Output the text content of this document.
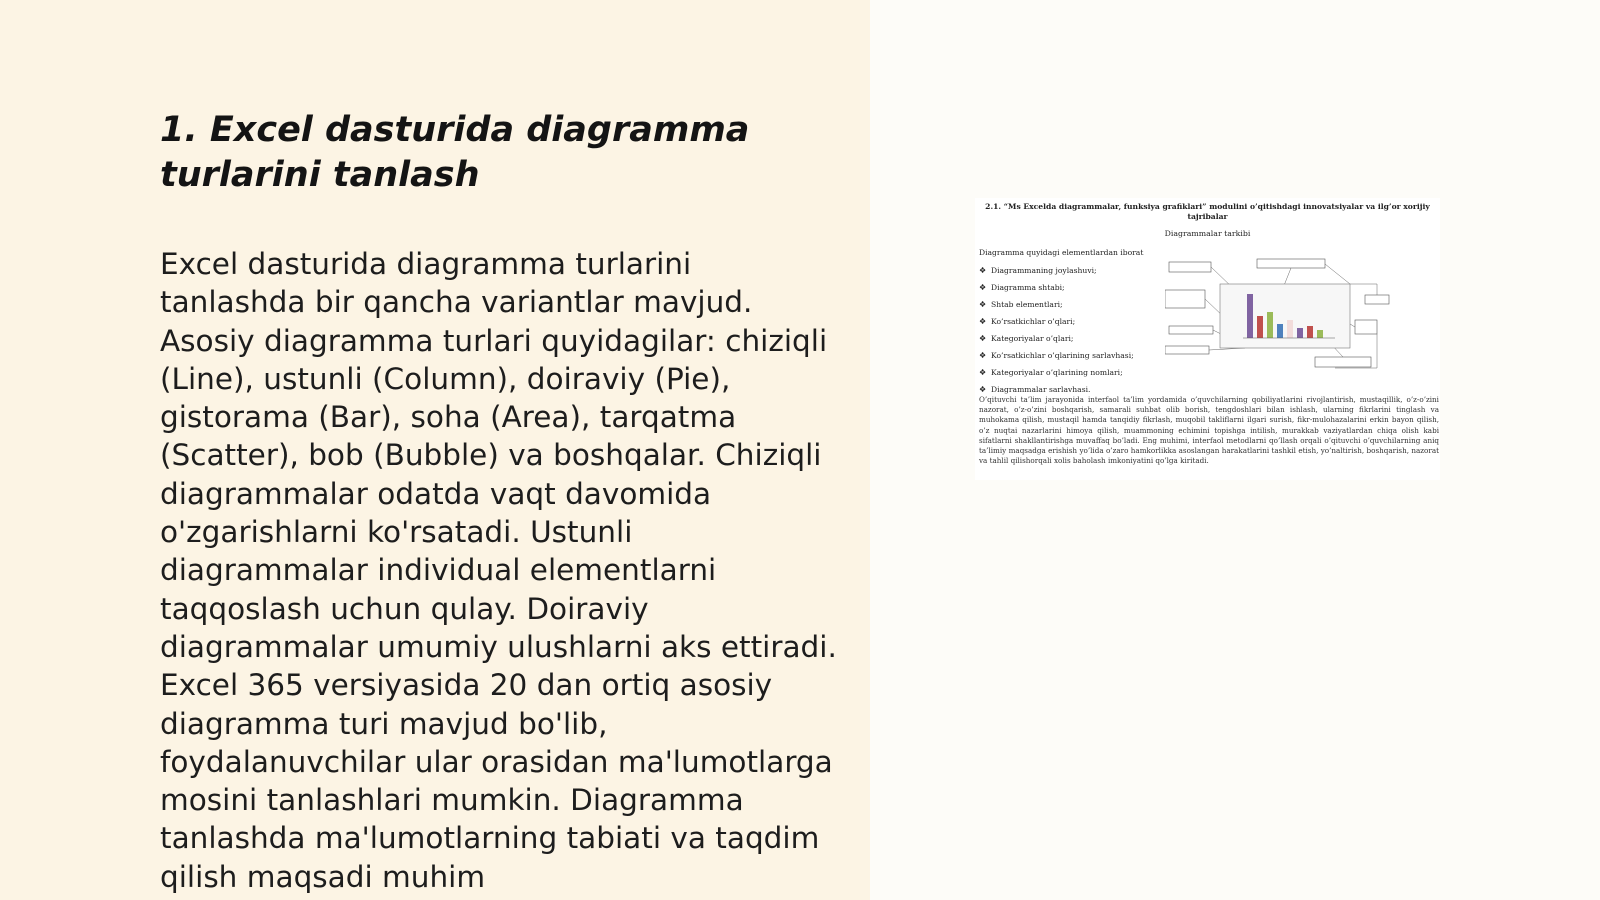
1. Excel dasturida diagramma turlarini tanlash

Excel dasturida diagramma turlarini tanlashda bir qancha variantlar mavjud. Asosiy diagramma turlari quyidagilar: chiziqli (Line), ustunli (Column), doiraviy (Pie), gistorama (Bar), soha (Area), tarqatma (Scatter), bob (Bubble) va boshqalar. Chiziqli diagrammalar odatda vaqt davomida o'zgarishlarni ko'rsatadi. Ustunli diagrammalar individual elementlarni taqqoslash uchun qulay. Doiraviy diagrammalar umumiy ulushlarni aks ettiradi. Excel 365 versiyasida 20 dan ortiq asosiy diagramma turi mavjud bo'lib, foydalanuvchilar ular orasidan ma'lumotlarga mosini tanlashlari mumkin. Diagramma tanlashda ma'lumotlarning tabiati va taqdim qilish maqsadi muhim

2.1. “Ms Excelda diagrammalar, funksiya grafiklari” modulini o’qitishdagi innovatsiyalar va ilg’or xorijiy tajribalar
Diagrammalar tarkibi
Diagramma quyidagi elementlardan iborat
❖ Diagrammaning joylashuvi;
❖ Diagramma shtabi;
❖ Shtab elementlari;
❖ Ko’rsatkichlar o’qlari;
❖ Kategoriyalar o’qlari;
❖ Ko’rsatkichlar o’qlarining sarlavhasi;
❖ Kategoriyalar o’qlarining nomlari;
❖ Diagrammalar sarlavhasi.

O’qituvchi ta’lim jarayonida interfaol ta’lim yordamida o’quvchilarning qobiliyatlarini rivojlantirish, mustaqillik, o’z-o’zini nazorat, o’z-o’zini boshqarish, samarali suhbat olib borish, tengdoshlari bilan ishlash, ularning fikrlarini tinglash va muhokama qilish, mustaqil hamda tanqidiy fikrlash, muqobil takliflarni ilgari surish, fikr-mulohazalarini erkin bayon qilish, o’z nuqtai nazarlarini himoya qilish, muammoning echimini topishga intilish, murakkab vaziyatlardan chiqa olish kabi sifatlarni shakllantirishga muvaffaq bo’ladi. Eng muhimi, interfaol metodlarni qo’llash orqali o’qituvchi o’quvchilarning aniq ta’limiy maqsadga erishish yo’lida o’zaro hamkorlikka asoslangan harakatlarini tashkil etish, yo’naltirish, boshqarish, nazorat va tahlil qilishorqali xolis baholash imkoniyatini qo’lga kiritadi.
